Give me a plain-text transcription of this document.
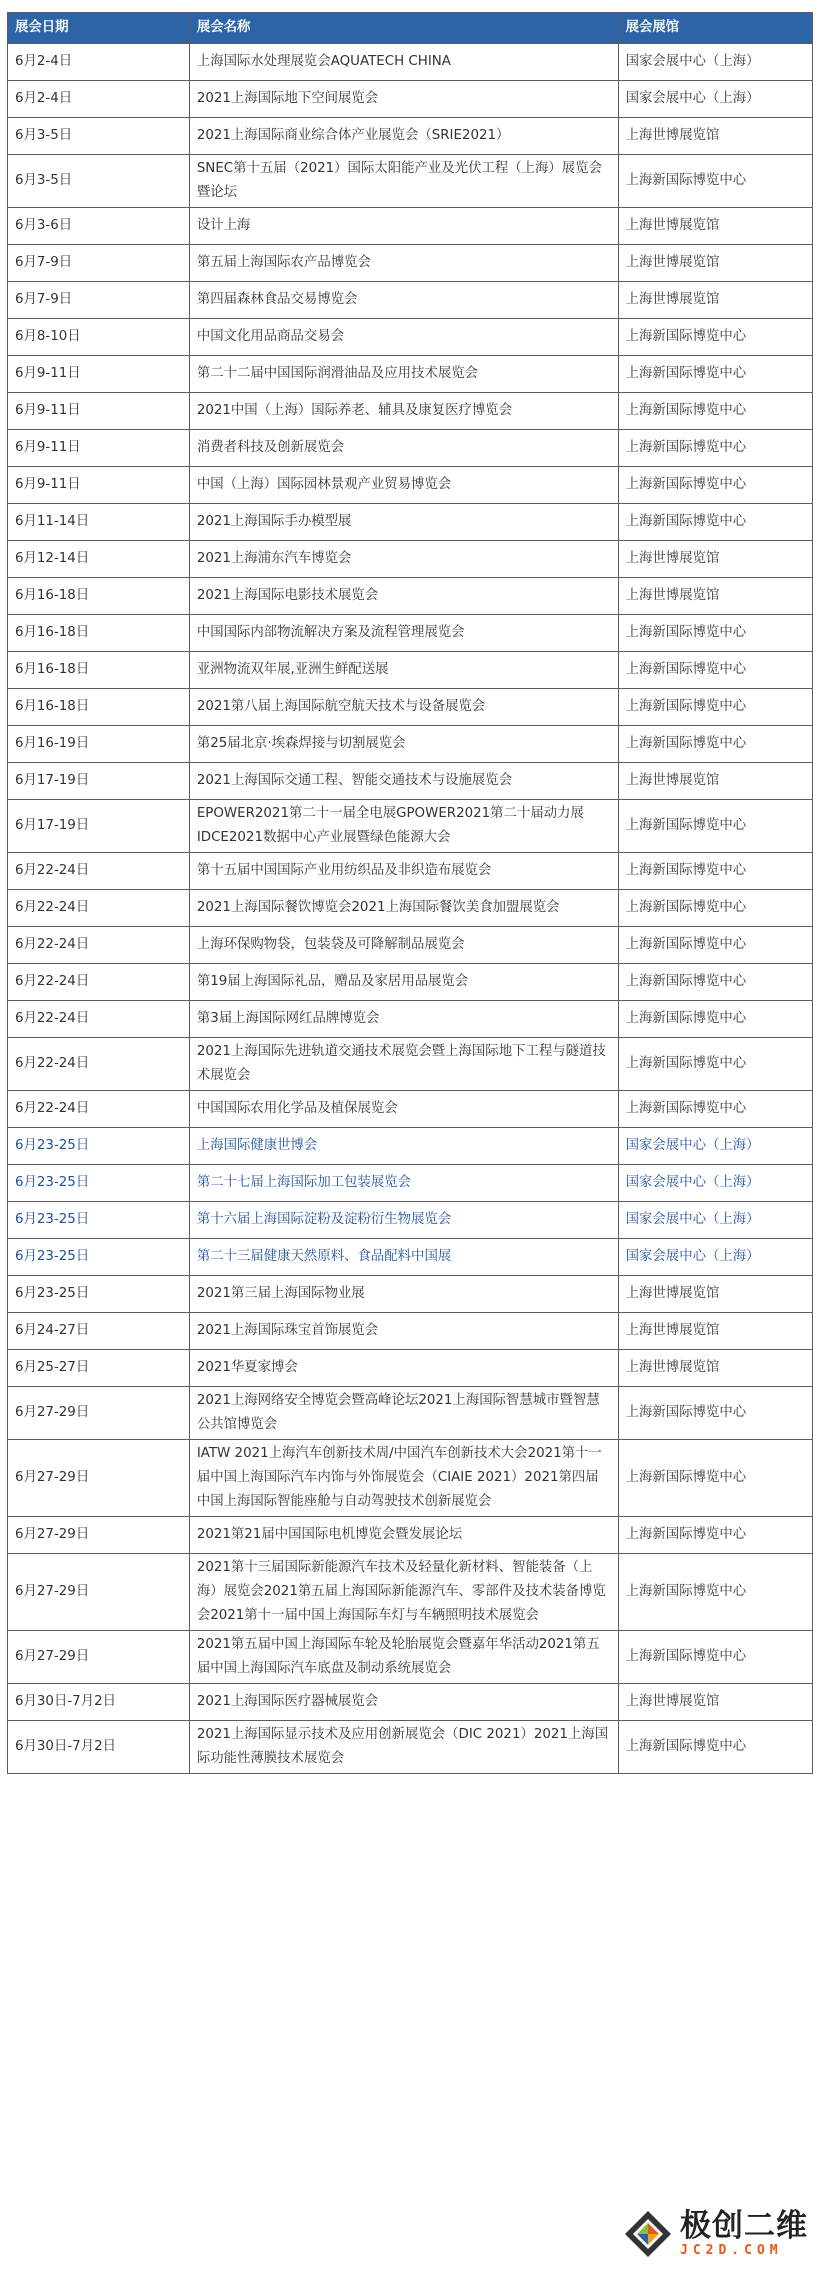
展会日期	展会名称	展会展馆
6月2-4日	上海国际水处理展览会AQUATECH CHINA	国家会展中心（上海）
6月2-4日	2021上海国际地下空间展览会	国家会展中心（上海）
6月3-5日	2021上海国际商业综合体产业展览会（SRIE2021）	上海世博展览馆
6月3-5日	SNEC第十五届（2021）国际太阳能产业及光伏工程（上海）展览会暨论坛	上海新国际博览中心
6月3-6日	设计上海	上海世博展览馆
6月7-9日	第五届上海国际农产品博览会	上海世博展览馆
6月7-9日	第四届森林食品交易博览会	上海世博展览馆
6月8-10日	中国文化用品商品交易会	上海新国际博览中心
6月9-11日	第二十二届中国国际润滑油品及应用技术展览会	上海新国际博览中心
6月9-11日	2021中国（上海）国际养老、辅具及康复医疗博览会	上海新国际博览中心
6月9-11日	消费者科技及创新展览会	上海新国际博览中心
6月9-11日	中国（上海）国际园林景观产业贸易博览会	上海新国际博览中心
6月11-14日	2021上海国际手办模型展	上海新国际博览中心
6月12-14日	2021上海浦东汽车博览会	上海世博展览馆
6月16-18日	2021上海国际电影技术展览会	上海世博展览馆
6月16-18日	中国国际内部物流解决方案及流程管理展览会	上海新国际博览中心
6月16-18日	亚洲物流双年展,亚洲生鲜配送展	上海新国际博览中心
6月16-18日	2021第八届上海国际航空航天技术与设备展览会	上海新国际博览中心
6月16-19日	第25届北京·埃森焊接与切割展览会	上海新国际博览中心
6月17-19日	2021上海国际交通工程、智能交通技术与设施展览会	上海世博展览馆
6月17-19日	EPOWER2021第二十一届全电展GPOWER2021第二十届动力展IDCE2021数据中心产业展暨绿色能源大会	上海新国际博览中心
6月22-24日	第十五届中国国际产业用纺织品及非织造布展览会	上海新国际博览中心
6月22-24日	2021上海国际餐饮博览会2021上海国际餐饮美食加盟展览会	上海新国际博览中心
6月22-24日	上海环保购物袋，包装袋及可降解制品展览会	上海新国际博览中心
6月22-24日	第19届上海国际礼品，赠品及家居用品展览会	上海新国际博览中心
6月22-24日	第3届上海国际网红品牌博览会	上海新国际博览中心
6月22-24日	2021上海国际先进轨道交通技术展览会暨上海国际地下工程与隧道技术展览会	上海新国际博览中心
6月22-24日	中国国际农用化学品及植保展览会	上海新国际博览中心
6月23-25日	上海国际健康世博会	国家会展中心（上海）
6月23-25日	第二十七届上海国际加工包装展览会	国家会展中心（上海）
6月23-25日	第十六届上海国际淀粉及淀粉衍生物展览会	国家会展中心（上海）
6月23-25日	第二十三届健康天然原料、食品配料中国展	国家会展中心（上海）
6月23-25日	2021第三届上海国际物业展	上海世博展览馆
6月24-27日	2021上海国际珠宝首饰展览会	上海世博展览馆
6月25-27日	2021华夏家博会	上海世博展览馆
6月27-29日	2021上海网络安全博览会暨高峰论坛2021上海国际智慧城市暨智慧公共馆博览会	上海新国际博览中心
6月27-29日	IATW 2021上海汽车创新技术周/中国汽车创新技术大会2021第十一届中国上海国际汽车内饰与外饰展览会（CIAIE 2021）2021第四届中国上海国际智能座舱与自动驾驶技术创新展览会	上海新国际博览中心
6月27-29日	2021第21届中国国际电机博览会暨发展论坛	上海新国际博览中心
6月27-29日	2021第十三届国际新能源汽车技术及轻量化新材料、智能装备（上海）展览会2021第五届上海国际新能源汽车、零部件及技术装备博览会2021第十一届中国上海国际车灯与车辆照明技术展览会	上海新国际博览中心
6月27-29日	2021第五届中国上海国际车轮及轮胎展览会暨嘉年华活动2021第五届中国上海国际汽车底盘及制动系统展览会	上海新国际博览中心
6月30日-7月2日	2021上海国际医疗器械展览会	上海世博展览馆
6月30日-7月2日	2021上海国际显示技术及应用创新展览会（DIC 2021）2021上海国际功能性薄膜技术展览会	上海新国际博览中心
极创二维
JC2D.COM
